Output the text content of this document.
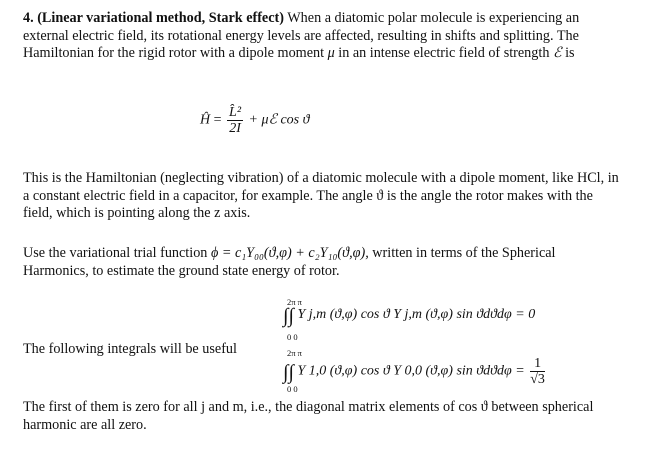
4. (Linear variational method, Stark effect) When a diatomic polar molecule is experiencing an external electric field, its rotational energy levels are affected, resulting in shifts and splitting. The Hamiltonian for the rigid rotor with a dipole moment μ in an intense electric field of strength ℰ is
Ĥ = $\frac{\text{L̂²}}{2I}$ + μℰ cos ϑ
This is the Hamiltonian (neglecting vibration) of a diatomic molecule with a dipole moment, like HCl, in a constant electric field in a capacitor, for example. The angle ϑ is the angle the rotor makes with the field, which is pointing along the z axis.
Use the variational trial function ϕ = c₁Y₀₀(ϑ,φ) + c₂Y₁₀(ϑ,φ), written in terms of the Spherical Harmonics, to estimate the ground state energy of rotor.
2π π
∫∫ Y j,m (ϑ,φ) cos ϑ Y j,m (ϑ,φ) sin ϑdϑdφ = 0
0 0
The following integrals will be useful	2π π
∫∫ Y 1,0 (ϑ,φ) cos ϑ Y 0,0 (ϑ,φ) $\sin ϑdϑd\varphi = \frac{1}{√3}$
0 0
The first of them is zero for all j and m, i.e., the diagonal matrix elements of cos ϑ between spherical harmonic are all zero.
